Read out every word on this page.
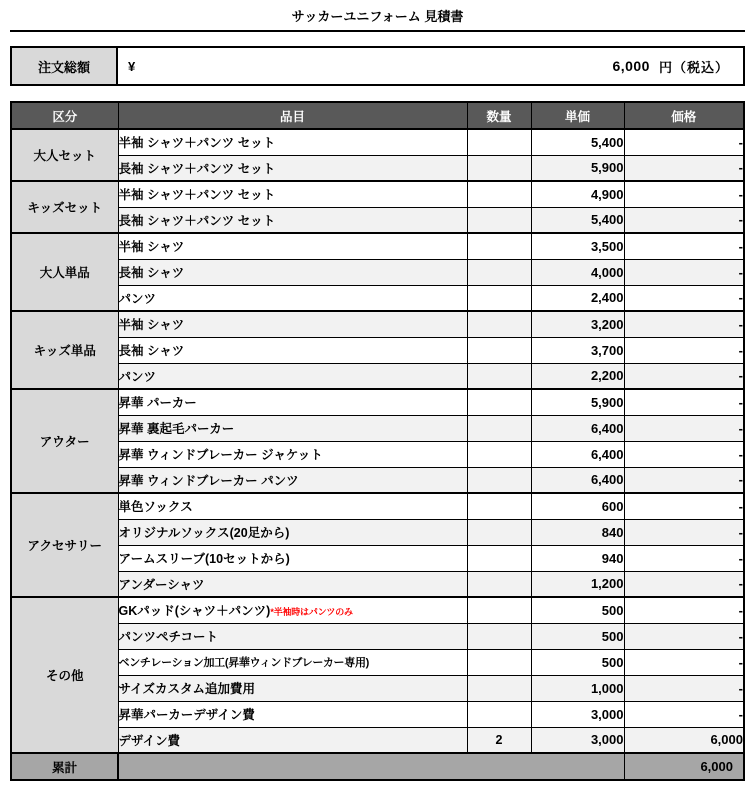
サッカーユニフォーム 見積書
注文総額	¥	6,000 円（税込）
区分	品目	数量	単価	価格
大人セット	半袖 シャツ＋パンツ セット		5,400	-
	長袖 シャツ＋パンツ セット		5,900	-
キッズセット	半袖 シャツ＋パンツ セット		4,900	-
	長袖 シャツ＋パンツ セット		5,400	-
大人単品	半袖 シャツ		3,500	-
	長袖 シャツ		4,000	-
	パンツ		2,400	-
キッズ単品	半袖 シャツ		3,200	-
	長袖 シャツ		3,700	-
	パンツ		2,200	-
アウター	昇華 パーカー		5,900	-
	昇華 裏起毛パーカー		6,400	-
	昇華 ウィンドブレーカー ジャケット		6,400	-
	昇華 ウィンドブレーカー パンツ		6,400	-
アクセサリー	単色ソックス		600	-
	オリジナルソックス(20足から)		840	-
	アームスリーブ(10セットから)		940	-
	アンダーシャツ		1,200	-
その他	GKパッド(シャツ＋パンツ)*半袖時はパンツのみ		500	-
	パンツペチコート		500	-
	ベンチレーション加工(昇華ウィンドブレーカー専用)		500	-
	サイズカスタム追加費用		1,000	-
	昇華パーカーデザイン費		3,000	-
	デザイン費	2	3,000	6,000
累計				6,000
